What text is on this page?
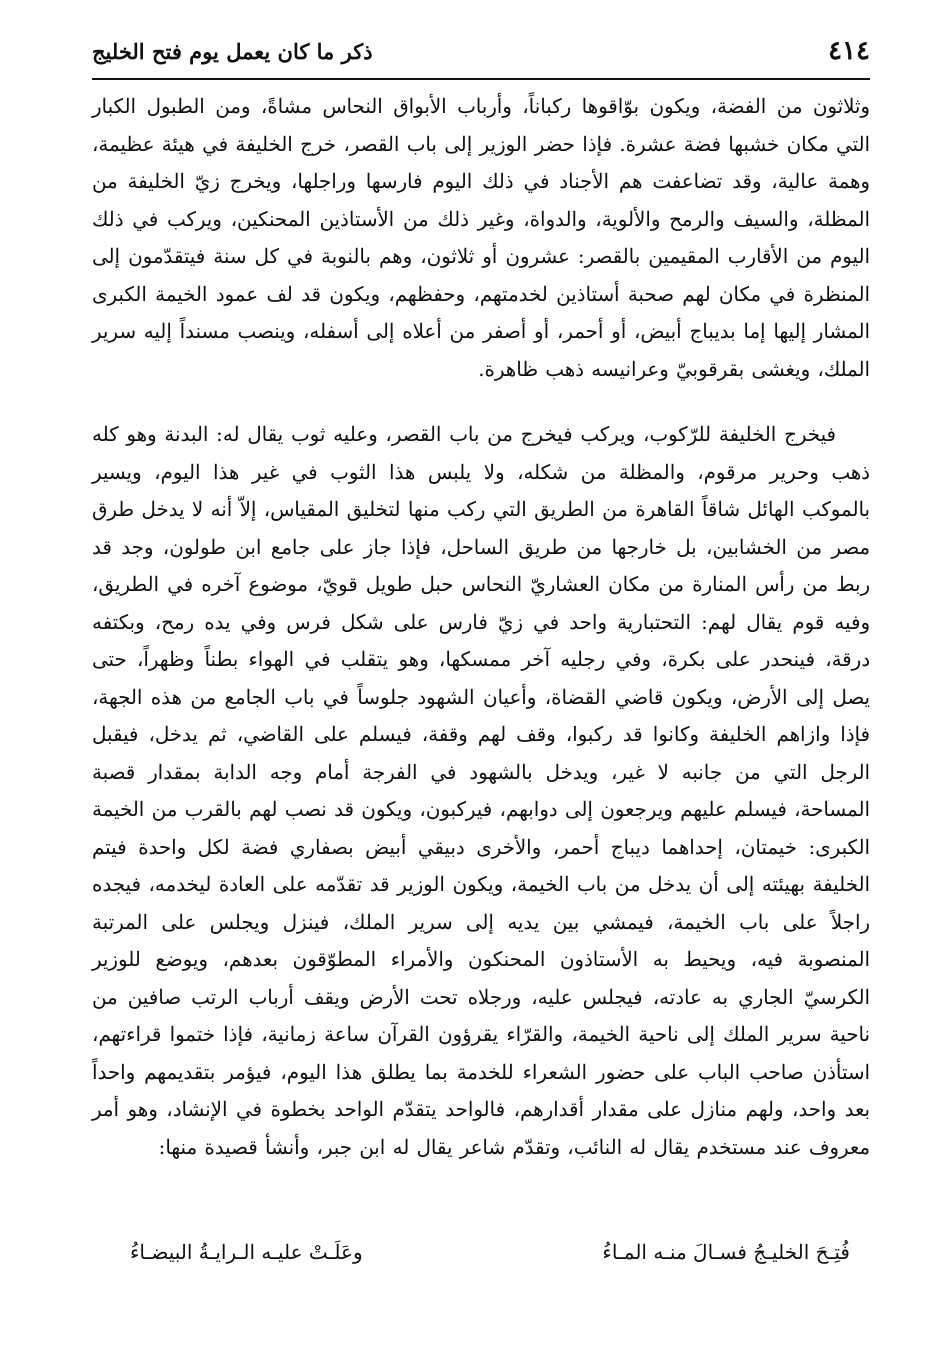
٤١٤
ذكر ما كان يعمل يوم فتح الخليج

وثلاثون من الفضة، ويكون بوّاقوها ركباناً، وأرباب الأبواق النحاس مشاةً، ومن الطبول الكبار التي مكان خشبها فضة عشرة. فإذا حضر الوزير إلى باب القصر، خرج الخليفة في هيئة عظيمة، وهمة عالية، وقد تضاعفت هم الأجناد في ذلك اليوم فارسها وراجلها، ويخرج زيّ الخليفة من المظلة، والسيف والرمح والألوية، والدواة، وغير ذلك من الأستاذين المحنكين، ويركب في ذلك اليوم من الأقارب المقيمين بالقصر: عشرون أو ثلاثون، وهم بالنوبة في كل سنة فيتقدّمون إلى المنظرة في مكان لهم صحبة أستاذين لخدمتهم، وحفظهم، ويكون قد لف عمود الخيمة الكبرى المشار إليها إما بديباج أبيض، أو أحمر، أو أصفر من أعلاه إلى أسفله، وينصب مسنداً إليه سرير الملك، ويغشى بقرقوبيّ وعرانيسه ذهب ظاهرة.

فيخرج الخليفة للرّكوب، ويركب فيخرج من باب القصر، وعليه ثوب يقال له: البدنة وهو كله ذهب وحرير مرقوم، والمظلة من شكله، ولا يلبس هذا الثوب في غير هذا اليوم، ويسير بالموكب الهائل شاقاً القاهرة من الطريق التي ركب منها لتخليق المقياس، إلاّ أنه لا يدخل طرق مصر من الخشابين، بل خارجها من طريق الساحل، فإذا جاز على جامع ابن طولون، وجد قد ربط من رأس المنارة من مكان العشاريّ النحاس حبل طويل قويّ، موضوع آخره في الطريق، وفيه قوم يقال لهم: التحتبارية واحد في زيّ فارس على شكل فرس وفي يده رمح، وبكتفه درقة، فينحدر على بكرة، وفي رجليه آخر ممسكها، وهو يتقلب في الهواء بطناً وظهراً، حتى يصل إلى الأرض، ويكون قاضي القضاة، وأعيان الشهود جلوساً في باب الجامع من هذه الجهة، فإذا وازاهم الخليفة وكانوا قد ركبوا، وقف لهم وقفة، فيسلم على القاضي، ثم يدخل، فيقبل الرجل التي من جانبه لا غير، ويدخل بالشهود في الفرجة أمام وجه الدابة بمقدار قصبة المساحة، فيسلم عليهم ويرجعون إلى دوابهم، فيركبون، ويكون قد نصب لهم بالقرب من الخيمة الكبرى: خيمتان، إحداهما ديباج أحمر، والأخرى دبيقي أبيض بصفاري فضة لكل واحدة فيتم الخليفة بهيئته إلى أن يدخل من باب الخيمة، ويكون الوزير قد تقدّمه على العادة ليخدمه، فيجده راجلاً على باب الخيمة، فيمشي بين يديه إلى سرير الملك، فينزل ويجلس على المرتبة المنصوبة فيه، ويحيط به الأستاذون المحنكون والأمراء المطوّقون بعدهم، ويوضع للوزير الكرسيّ الجاري به عادته، فيجلس عليه، ورجلاه تحت الأرض ويقف أرباب الرتب صافين من ناحية سرير الملك إلى ناحية الخيمة، والقرّاء يقرؤون القرآن ساعة زمانية، فإذا ختموا قراءتهم، استأذن صاحب الباب على حضور الشعراء للخدمة بما يطلق هذا اليوم، فيؤمر بتقديمهم واحداً بعد واحد، ولهم منازل على مقدار أقدارهم، فالواحد يتقدّم الواحد بخطوة في الإنشاد، وهو أمر معروف عند مستخدم يقال له النائب، وتقدّم شاعر يقال له ابن جبر، وأنشأ قصيدة منها:

فُتِـحَ الخليـجُ فسـالَ منـه المـاءُ
وعَلَـتْ عليـه الـرايـةُ البيضـاءُ
